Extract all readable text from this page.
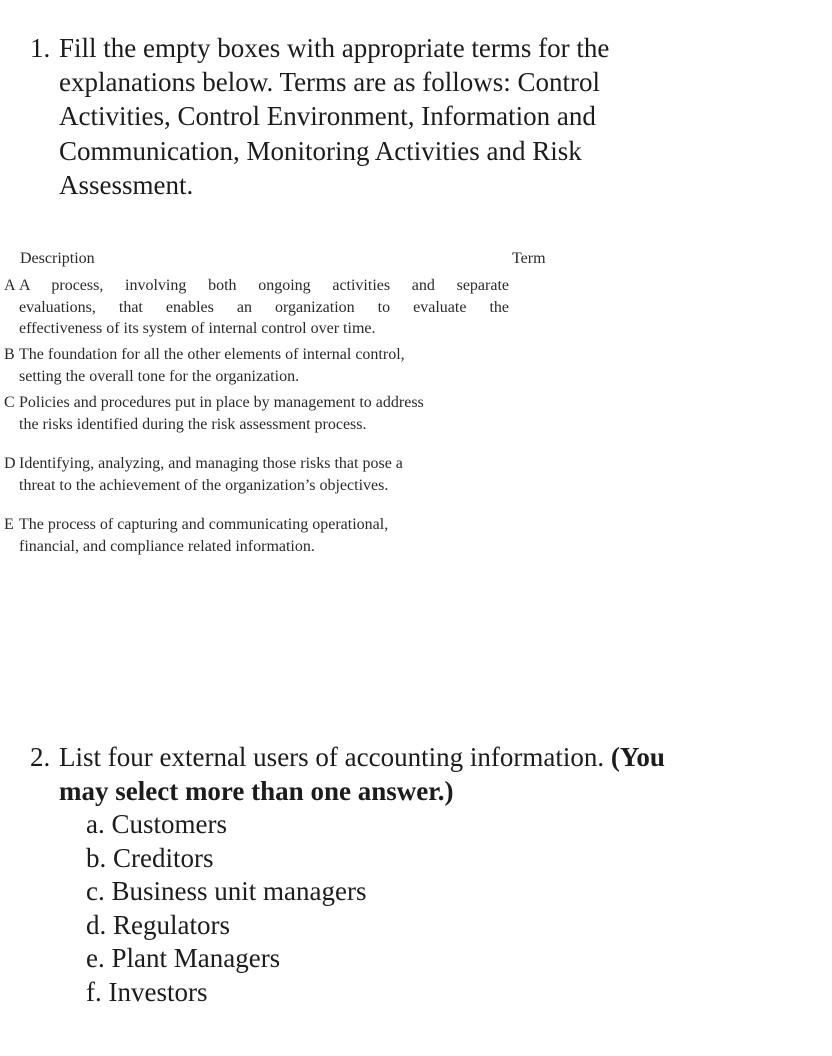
1. Fill the empty boxes with appropriate terms for the
explanations below. Terms are as follows: Control
Activities, Control Environment, Information and
Communication, Monitoring Activities and Risk
Assessment.
Description	Term
A A process, involving both ongoing activities and separate
evaluations, that enables an organization to evaluate the
effectiveness of its system of internal control over time.
B The foundation for all the other elements of internal control,
setting the overall tone for the organization.
C Policies and procedures put in place by management to address
the risks identified during the risk assessment process.
D Identifying, analyzing, and managing those risks that pose a
threat to the achievement of the organization’s objectives.
E The process of capturing and communicating operational,
financial, and compliance related information.
2. List four external users of accounting information. (You
may select more than one answer.)
a. Customers
b. Creditors
c. Business unit managers
d. Regulators
e. Plant Managers
f. Investors
